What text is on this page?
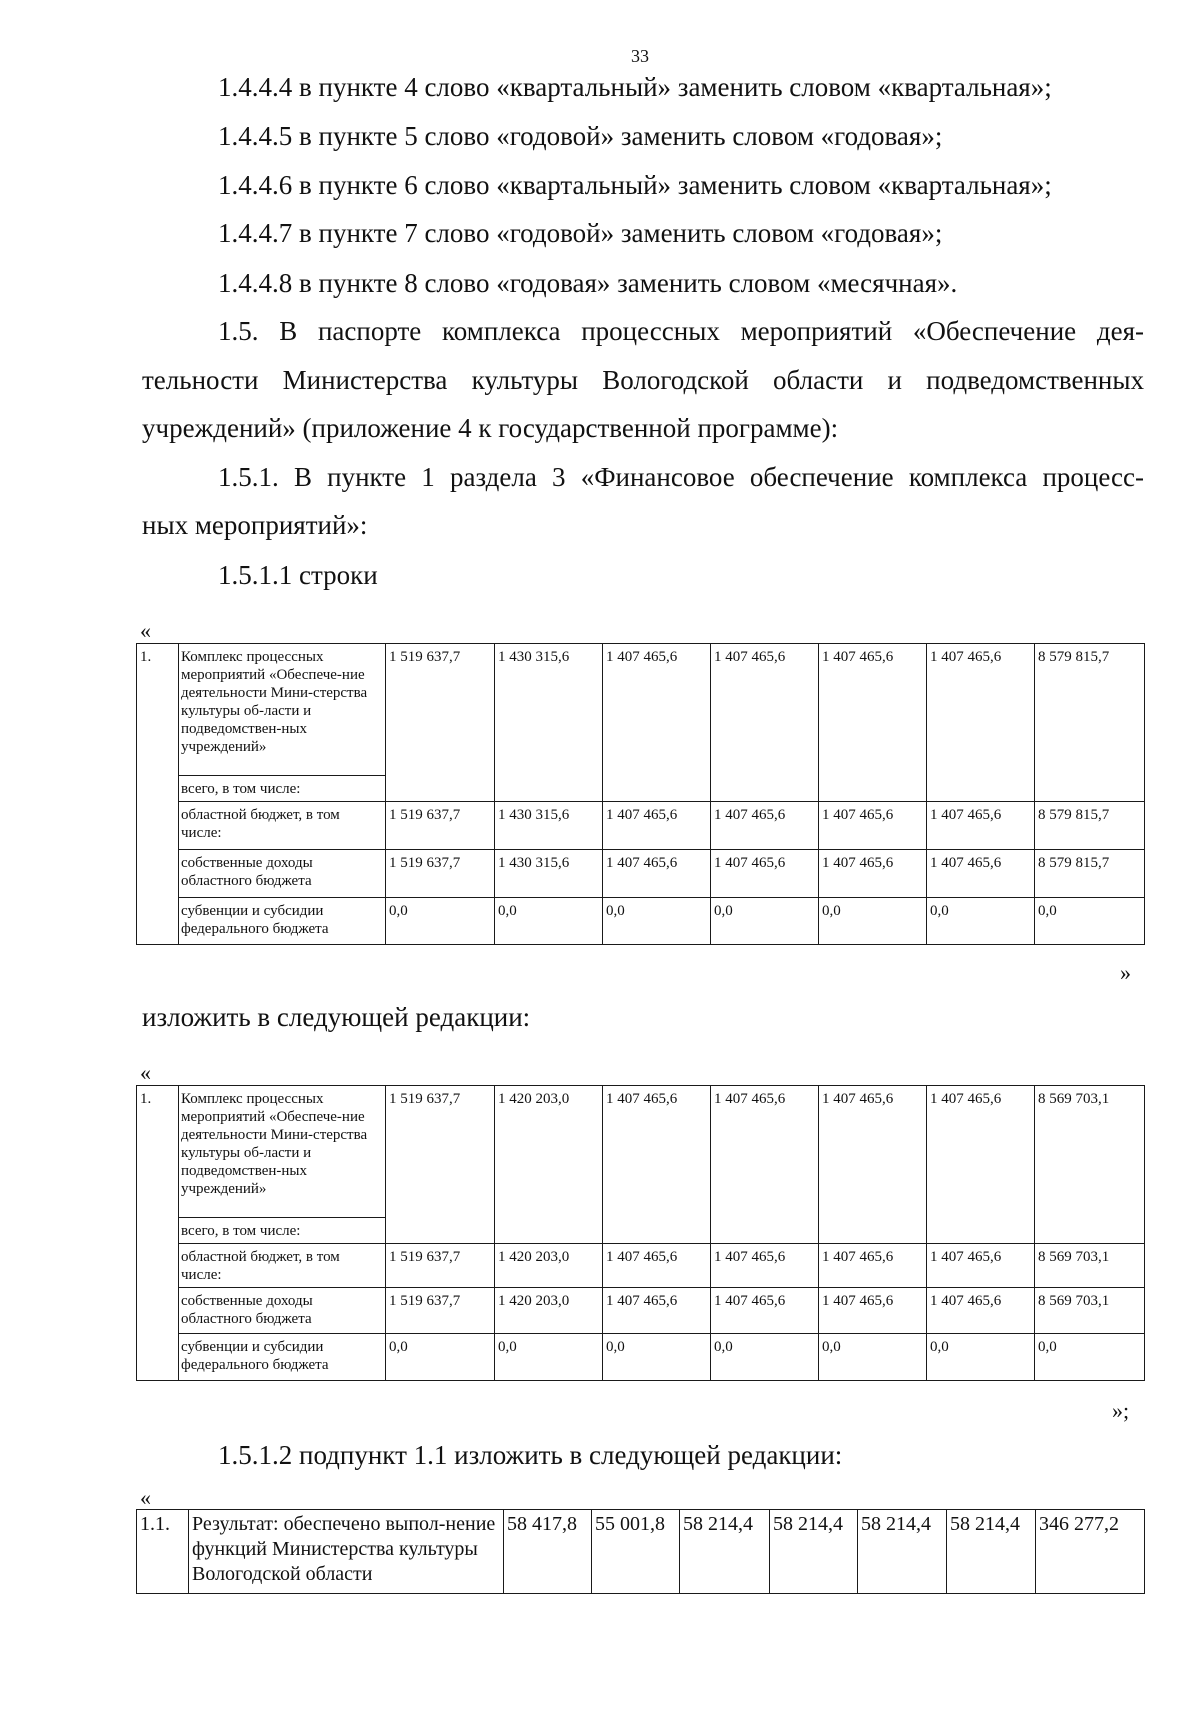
33
1.4.4.4 в пункте 4 слово «квартальный» заменить словом «квартальная»;
1.4.4.5 в пункте 5 слово «годовой» заменить словом «годовая»;
1.4.4.6 в пункте 6 слово «квартальный» заменить словом «квартальная»;
1.4.4.7 в пункте 7 слово «годовой» заменить словом «годовая»;
1.4.4.8 в пункте 8 слово «годовая» заменить словом «месячная».
1.5. В паспорте комплекса процессных мероприятий «Обеспечение дея-
тельности Министерства культуры Вологодской области и подведомственных
учреждений» (приложение 4 к государственной программе):
1.5.1. В пункте 1 раздела 3 «Финансовое обеспечение комплекса процесс-
ных мероприятий»:
1.5.1.1 строки
«
1.	Комплекс процессных мероприятий «Обеспече-ние деятельности Мини-стерства культуры об-ласти и подведомствен-ных учреждений»	1 519 637,7	1 430 315,6	1 407 465,6	1 407 465,6	1 407 465,6	1 407 465,6	8 579 815,7
	всего, в том числе:							
	областной бюджет, в том числе:	1 519 637,7	1 430 315,6	1 407 465,6	1 407 465,6	1 407 465,6	1 407 465,6	8 579 815,7
	собственные доходы областного бюджета	1 519 637,7	1 430 315,6	1 407 465,6	1 407 465,6	1 407 465,6	1 407 465,6	8 579 815,7
	субвенции и субсидии федерального бюджета	0,0	0,0	0,0	0,0	0,0	0,0	0,0
»
изложить в следующей редакции:
«
1.	Комплекс процессных мероприятий «Обеспече-ние деятельности Мини-стерства культуры об-ласти и подведомствен-ных учреждений»	1 519 637,7	1 420 203,0	1 407 465,6	1 407 465,6	1 407 465,6	1 407 465,6	8 569 703,1
	всего, в том числе:							
	областной бюджет, в том числе:	1 519 637,7	1 420 203,0	1 407 465,6	1 407 465,6	1 407 465,6	1 407 465,6	8 569 703,1
	собственные доходы областного бюджета	1 519 637,7	1 420 203,0	1 407 465,6	1 407 465,6	1 407 465,6	1 407 465,6	8 569 703,1
	субвенции и субсидии федерального бюджета	0,0	0,0	0,0	0,0	0,0	0,0	0,0
»;
1.5.1.2 подпункт 1.1 изложить в следующей редакции:
«
1.1.	Результат: обеспечено выпол-нение функций Министерства культуры Вологодской области	58 417,8	55 001,8	58 214,4	58 214,4	58 214,4	58 214,4	346 277,2
